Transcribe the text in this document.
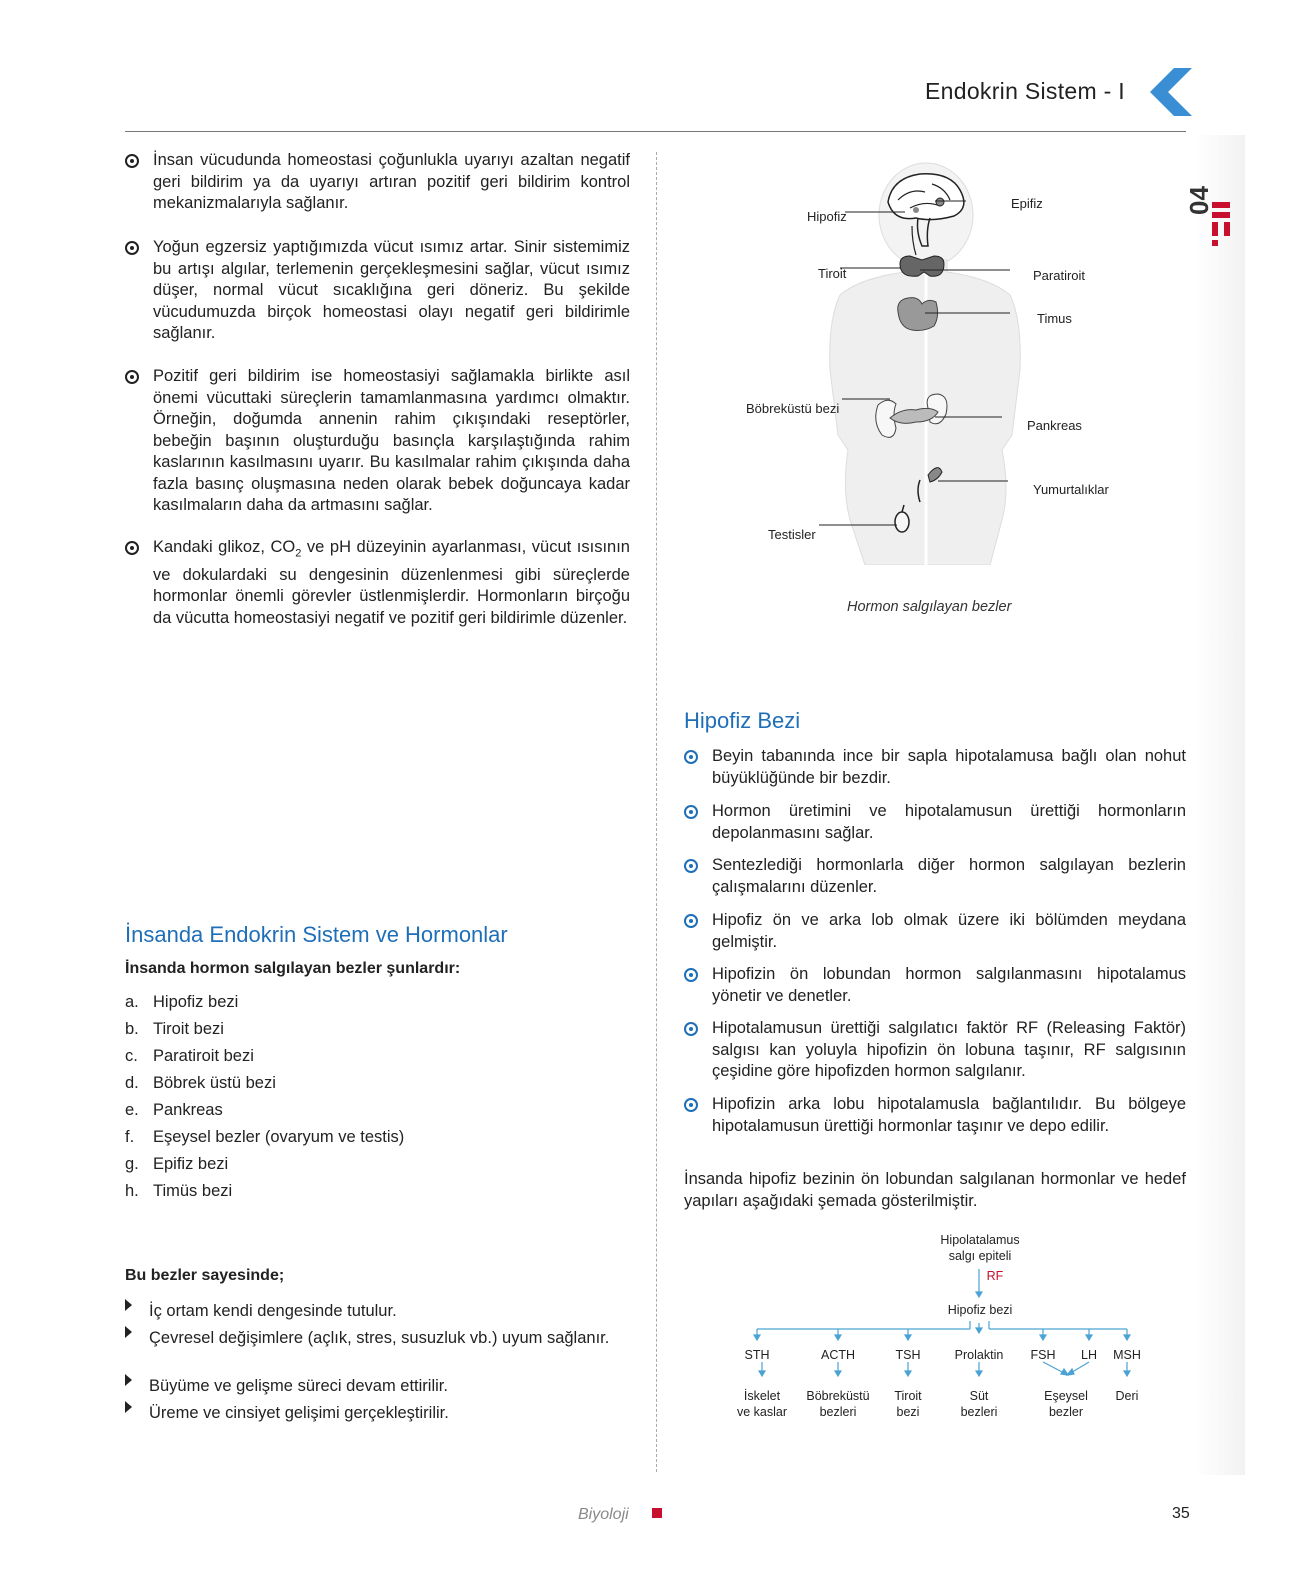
Endokrin Sistem - I
04
İnsan vücudunda homeostasi çoğunlukla uyarıyı azaltan negatif geri bildirim ya da uyarıyı artıran pozitif geri bildirim kontrol mekanizmalarıyla sağlanır.
Yoğun egzersiz yaptığımızda vücut ısımız artar. Sinir sistemimiz bu artışı algılar, terlemenin gerçekleşmesini sağlar, vücut ısımız düşer, normal vücut sıcaklığına geri döneriz. Bu şekilde vücudumuzda birçok homeostasi olayı negatif geri bildirimle sağlanır.
Pozitif geri bildirim ise homeostasiyi sağlamakla birlikte asıl önemi vücuttaki süreçlerin tamamlanmasına yardımcı olmaktır. Örneğin, doğumda annenin rahim çıkışındaki reseptörler, bebeğin başının oluşturduğu basınçla karşılaştığında rahim kaslarının kasılmasını uyarır. Bu kasılmalar rahim çıkışında daha fazla basınç oluşmasına neden olarak bebek doğuncaya kadar kasılmaların daha da artmasını sağlar.
Kandaki glikoz, $CO_2$ ve pH düzeyinin ayarlanması, vücut ısısının ve dokulardaki su dengesinin düzenlenmesi gibi süreçlerde hormonlar önemli görevler üstlenmişlerdir. Hormonların birçoğu da vücutta homeostasiyi negatif ve pozitif geri bildirimle düzenler.
İnsanda Endokrin Sistem ve Hormonlar
İnsanda hormon salgılayan bezler şunlardır:
a. Hipofiz bezi
b. Tiroit bezi
c. Paratiroit bezi
d. Böbrek üstü bezi
e. Pankreas
f. Eşeysel bezler (ovaryum ve testis)
g. Epifiz bezi
h. Timüs bezi
Bu bezler sayesinde;
İç ortam kendi dengesinde tutulur.
Çevresel değişimlere (açlık, stres, susuzluk vb.) uyum sağlanır.
Büyüme ve gelişme süreci devam ettirilir.
Üreme ve cinsiyet gelişimi gerçekleştirilir.
Hipofiz
Epifiz
Tiroit	Paratiroit
Timus
Böbreküstü bezi
Pankreas
Yumurtalıklar
Testisler
Hormon salgılayan bezler
Hipofiz Bezi
Beyin tabanında ince bir sapla hipotalamusa bağlı olan nohut büyüklüğünde bir bezdir.
Hormon üretimini ve hipotalamusun ürettiği hormonların depolanmasını sağlar.
Sentezlediği hormonlarla diğer hormon salgılayan bezlerin çalışmalarını düzenler.
Hipofiz ön ve arka lob olmak üzere iki bölümden meydana gelmiştir.
Hipofizin ön lobundan hormon salgılanmasını hipotalamus yönetir ve denetler.
Hipotalamusun ürettiği salgılatıcı faktör RF (Releasing Faktör) salgısı kan yoluyla hipofizin ön lobuna taşınır, RF salgısının çeşidine göre hipofizden hormon salgılanır.
Hipofizin arka lobu hipotalamusla bağlantılıdır. Bu bölgeye hipotalamusun ürettiği hormonlar taşınır ve depo edilir.
İnsanda hipofiz bezinin ön lobundan salgılanan hormonlar ve hedef yapıları aşağıdaki şemada gösterilmiştir.
Hipolatalamus
salgı epiteli
RF
Hipofiz bezi
STH	ACTH	TSH	Prolaktin	FSH	LH	MSH
İskelet
ve kaslar
Böbreküstü
bezleri
Tiroit
bezi
Süt
bezleri
Eşeysel
bezler
Deri
Biyoloji	35
